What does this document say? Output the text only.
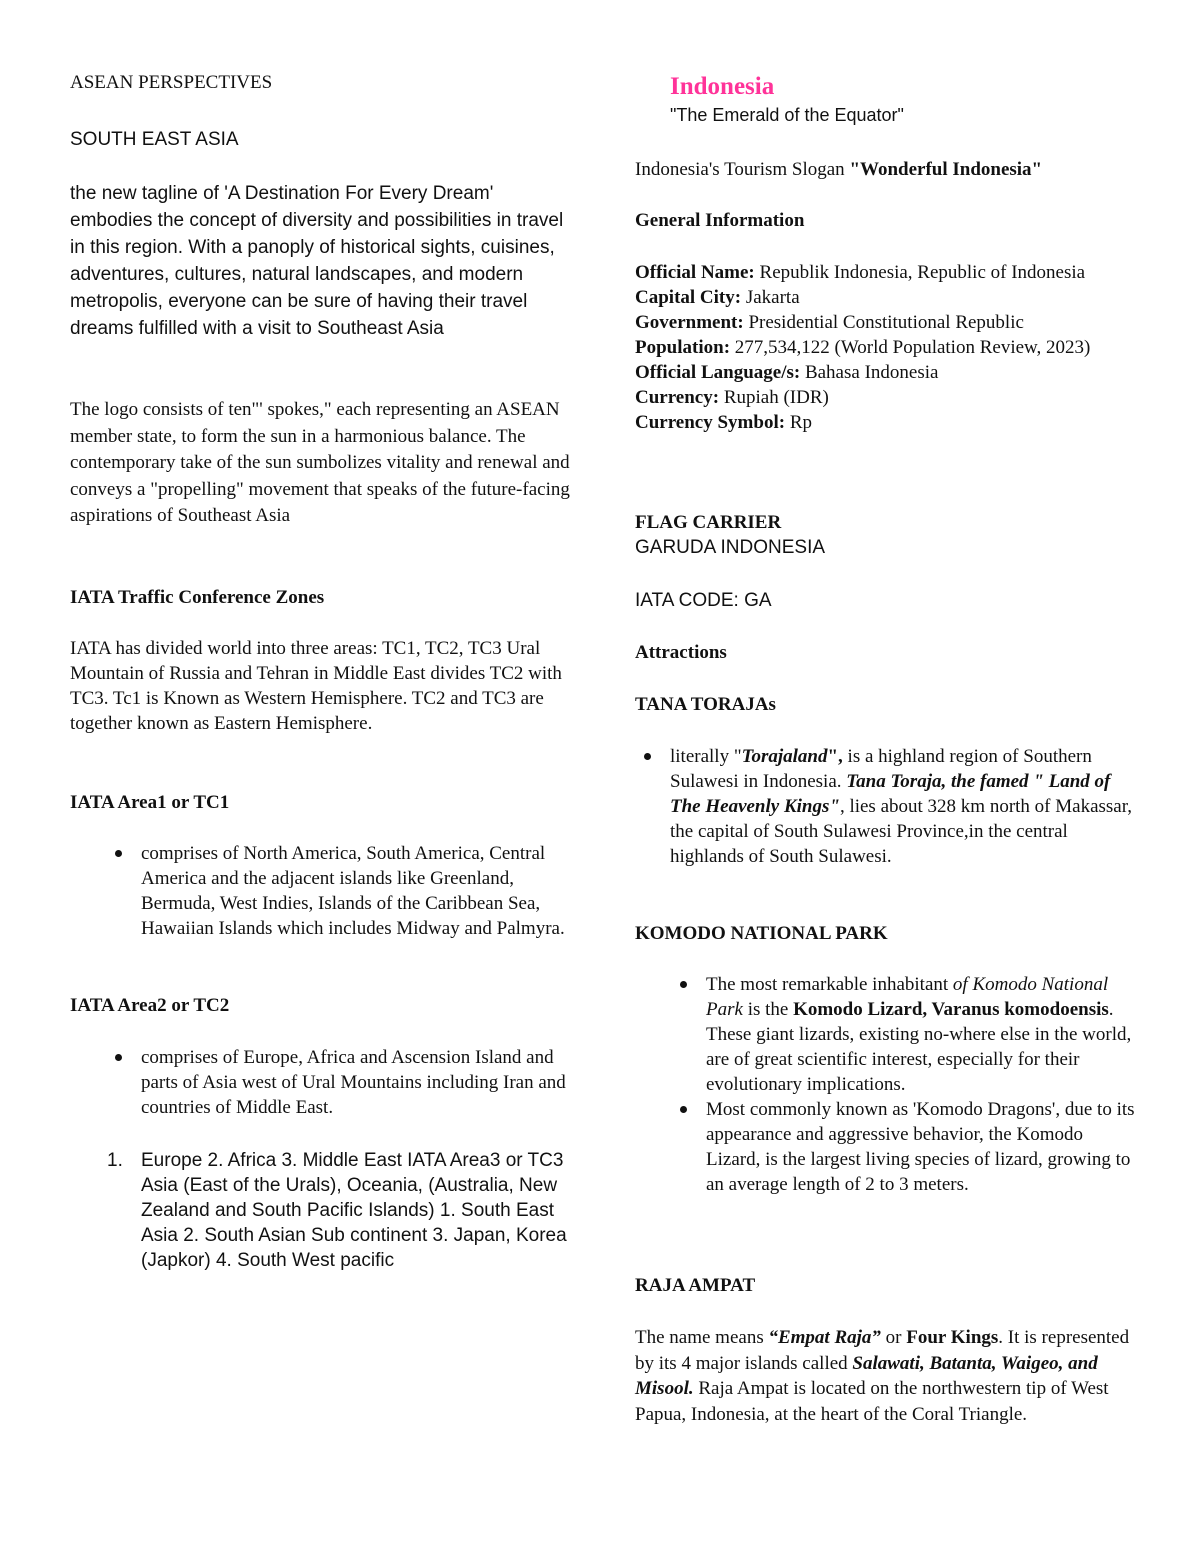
ASEAN PERSPECTIVES

SOUTH EAST ASIA

the new tagline of 'A Destination For Every Dream' embodies the concept of diversity and possibilities in travel in this region. With a panoply of historical sights, cuisines, adventures, cultures, natural landscapes, and modern metropolis, everyone can be sure of having their travel dreams fulfilled with a visit to Southeast Asia

The logo consists of ten"' spokes," each representing an ASEAN member state, to form the sun in a harmonious balance. The contemporary take of the sun sumbolizes vitality and renewal and conveys a "propelling" movement that speaks of the future-facing aspirations of Southeast Asia

IATA Traffic Conference Zones

IATA has divided world into three areas: TC1, TC2, TC3 Ural Mountain of Russia and Tehran in Middle East divides TC2 with TC3. Tc1 is Known as Western Hemisphere. TC2 and TC3 are together known as Eastern Hemisphere.

IATA Area1 or TC1

comprises of North America, South America, Central America and the adjacent islands like Greenland, Bermuda, West Indies, Islands of the Caribbean Sea, Hawaiian Islands which includes Midway and Palmyra.

IATA Area2 or TC2

comprises of Europe, Africa and Ascension Island and parts of Asia west of Ural Mountains including Iran and countries of Middle East.
1. Europe 2. Africa 3. Middle East IATA Area3 or TC3 Asia (East of the Urals), Oceania, (Australia, New Zealand and South Pacific Islands) 1. South East Asia 2. South Asian Sub continent 3. Japan, Korea (Japkor) 4. South West pacific

Indonesia

"The Emerald of the Equator"

Indonesia's Tourism Slogan "Wonderful Indonesia"

General Information

Official Name: Republik Indonesia, Republic of Indonesia
Capital City: Jakarta
Government: Presidential Constitutional Republic
Population: 277,534,122 (World Population Review, 2023)
Official Language/s: Bahasa Indonesia
Currency: Rupiah (IDR)
Currency Symbol: Rp

FLAG CARRIER

GARUDA INDONESIA

IATA CODE: GA

Attractions

TANA TORAJAs

literally "Torajaland", is a highland region of Southern Sulawesi in Indonesia. Tana Toraja, the famed " Land of The Heavenly Kings", lies about 328 km north of Makassar, the capital of South Sulawesi Province,in the central highlands of South Sulawesi.

KOMODO NATIONAL PARK

The most remarkable inhabitant of Komodo National Park is the Komodo Lizard, Varanus komodoensis. These giant lizards, existing no-where else in the world, are of great scientific interest, especially for their evolutionary implications.
Most commonly known as 'Komodo Dragons', due to its appearance and aggressive behavior, the Komodo Lizard, is the largest living species of lizard, growing to an average length of 2 to 3 meters.

RAJA AMPAT

The name means “Empat Raja” or Four Kings. It is represented by its 4 major islands called Salawati, Batanta, Waigeo, and Misool. Raja Ampat is located on the northwestern tip of West Papua, Indonesia, at the heart of the Coral Triangle.
